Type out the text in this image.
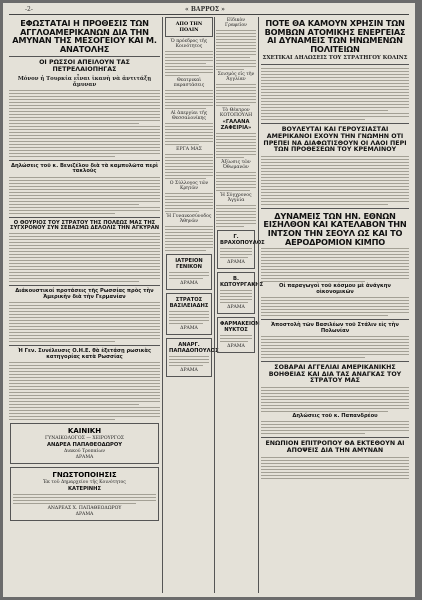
-2-	« ΒΑΡΡΟΣ »
ΕΦΩΣΤΑΤΑΙ Η ΠΡΟΘΕΣΙΣ ΤΩΝ ΑΓΓΛΟΑΜΕΡΙΚΑΝΩΝ ΔΙΑ ΤΗΝ ΑΜΥΝΑΝ ΤΗΣ ΜΕΣΟΓΕΙΟΥ ΚΑΙ Μ. ΑΝΑΤΟΛΗΣ
ΟΙ ΡΩΣΣΟΙ ΑΠΕΙΛΟΥΝ ΤΑΣ ΠΕΤΡΕΛΑΙΟΠΗΓΑΣ
Μόνον ἡ Τουρκία εἶναι ἱκανὴ νὰ ἀντιτάξῃ ἄμυναν
Δηλώσεις τοῦ κ. Βενιζέλου διὰ τὰ καμπυλῶτα περὶ τακλοὺς
Ο ΘΟΥΡΙΟΣ ΤΟΥ ΣΤΡΑΤΟΥ ΤΗΣ ΠΟΛΕΩΣ ΜΑΣ ΤΗΣ ΣΥΓΧΡΟΝΟΥ ΣΥΝ ΣΕΒΑΣΜΩ ΔΕΛΟΛΙΣ ΤΗΝ ΑΓΚΥΡΑΝ
Διάκουστικοί προτάσεις τῆς Ρωσσίας πρὸς τὴν Ἀμερικὴν διὰ τὴν Γερμανίαν
Ἡ Γεν. Συνέλευσις Ο.Η.Ε. θὰ ἐξετάσῃ ρωσικὰς κατηγορίας κατὰ Ρωσσίας
ΚΑΙΝΙΚΗ
ΓΥΝΑΙΚΟΛΟΓΟΣ — ΧΕΙΡΟΥΡΓΟΣ
ΑΝΔΡΕΑ ΠΑΠΑΘΕΟΔΩΡΟΥ
Διακού Τροπαίων
ΔΡΑΜΑ
ΓΝΩΣΤΟΠΟΙΗΣΙΣ
Ἐκ τοῦ Δημαρχείου τῆς Κοινότητος
ΚΑΤΕΡΙΝΗΣ
ΑΝΔΡΕΑΣ Χ. ΠΑΠΑΘΕΟΔΩΡΟΥ
ΔΡΑΜΑ
ΑΠΟ ΤΗΝ ΠΟΛΙΝ
Ὁ πρόεδρος τῆς Κοινότητος
Θεατρικαὶ παραστάσεις
Αἱ ἀπεργίαι τῆς Θεσσαλονίκης
ΕΡΓΑ ΜΑΣ
Ο Σύλλογος τῶν Κρητῶν
Ἡ Γυναικοσύνοδος Ἀθηνῶν
ΙΑΤΡΕΙΟΝ ΓΕΝΙΚΟΝ
ΔΡΑΜΑ
ΣΤΡΑΤΟΣ ΒΑΣΙΛΕΙΑΔΗΣ
ΔΡΑΜΑ
ΑΝΑΡΓ. ΠΑΠΑΔΟΠΟΥΛΟΣ
ΔΡΑΜΑ
Εἰδικὸν Γραφεῖον
Σεισμὸς εἰς τὴν Ἀγγλίαν
Τὸ Θέατρον ΚΟΤΟΠΟΥΛΗ
«ΓΑΛΑΝΑ ΖΑΦΕΙΡΙΑ»
Ἀξίωσις τῶν Ὀθωμανῶν
Ἡ Σύγχρονος Ἀγγλία
Γ. ΒΡΑΧΟΠΟΥΛΟΣ
ΔΡΑΜΑ
Β. ΚΩΤΟΥΡΓΑΚΗΣ
ΔΡΑΜΑ
ΦΑΡΜΑΚΕΙΟΝ ΝΥΚΤΟΣ
ΔΡΑΜΑ
ΠΟΤΕ ΘΑ ΚΑΜΟΥΝ ΧΡΗΣΙΝ ΤΩΝ ΒΟΜΒΩΝ ΑΤΟΜΙΚΗΣ ΕΝΕΡΓΕΙΑΣ ΑΙ ΔΥΝΑΜΕΙΣ ΤΩΝ ΗΝΩΜΕΝΩΝ ΠΟΛΙΤΕΙΩΝ
ΣΧΕΤΙΚΑΙ ΔΗΛΩΣΕΙΣ ΤΟΥ ΣΤΡΑΤΗΓΟΥ ΚΟΛΙΝΣ
ΒΟΥΛΕΥΤΑΙ ΚΑΙ ΓΕΡΟΥΣΙΑΣΤΑΙ ΑΜΕΡΙΚΑΝΟΙ ΕΧΟΥΝ ΤΗΝ ΓΝΩΜΗΝ ΟΤΙ ΠΡΕΠΕΙ ΝΑ ΔΙΑΦΩΤΙΣΘΟΥΝ ΟΙ ΛΑΟΙ ΠΕΡΙ ΤΩΝ ΠΡΟΘΕΣΕΩΝ ΤΟΥ ΚΡΕΜΛΙΝΟΥ
ΔΥΝΑΜΕΙΣ ΤΩΝ ΗΝ. ΕΘΝΩΝ ΕΙΣΗΛΘΟΝ ΚΑΙ ΚΑΤΕΛΑΒΟΝ ΤΗΝ ΙΝΤΣΟΝ ΤΗΝ ΣΕΟΥΛ ΩΣ ΚΑΙ ΤΟ ΑΕΡΟΔΡΟΜΙΟΝ ΚΙΜΠΟ
Οἱ παραγωγοὶ τοῦ κόσμου μὲ ἀνάγκην οἰκονομικῶν
Ἀποστολὴ τῶν Βασιλέων τοῦ Στάλιν εἰς τὴν Πολωνίαν
ΣΟΒΑΡΑΙ ΑΓΓΕΛΙΑΙ ΑΜΕΡΙΚΑΝΙΚΗΣ ΒΟΗΘΕΙΑΣ ΚΑΙ ΔΙΑ ΤΑΣ ΑΝΑΓΚΑΣ ΤΟΥ ΣΤΡΑΤΟΥ ΜΑΣ
Δηλώσεις τοῦ κ. Παπανδρέου
ΕΝΩΠΙΟΝ ΕΠΙΤΡΟΠΟΥ ΘΑ ΕΚΤΕΘΟΥΝ ΑΙ ΑΠΟΨΕΙΣ ΔΙΑ ΤΗΝ ΑΜΥΝΑΝ
